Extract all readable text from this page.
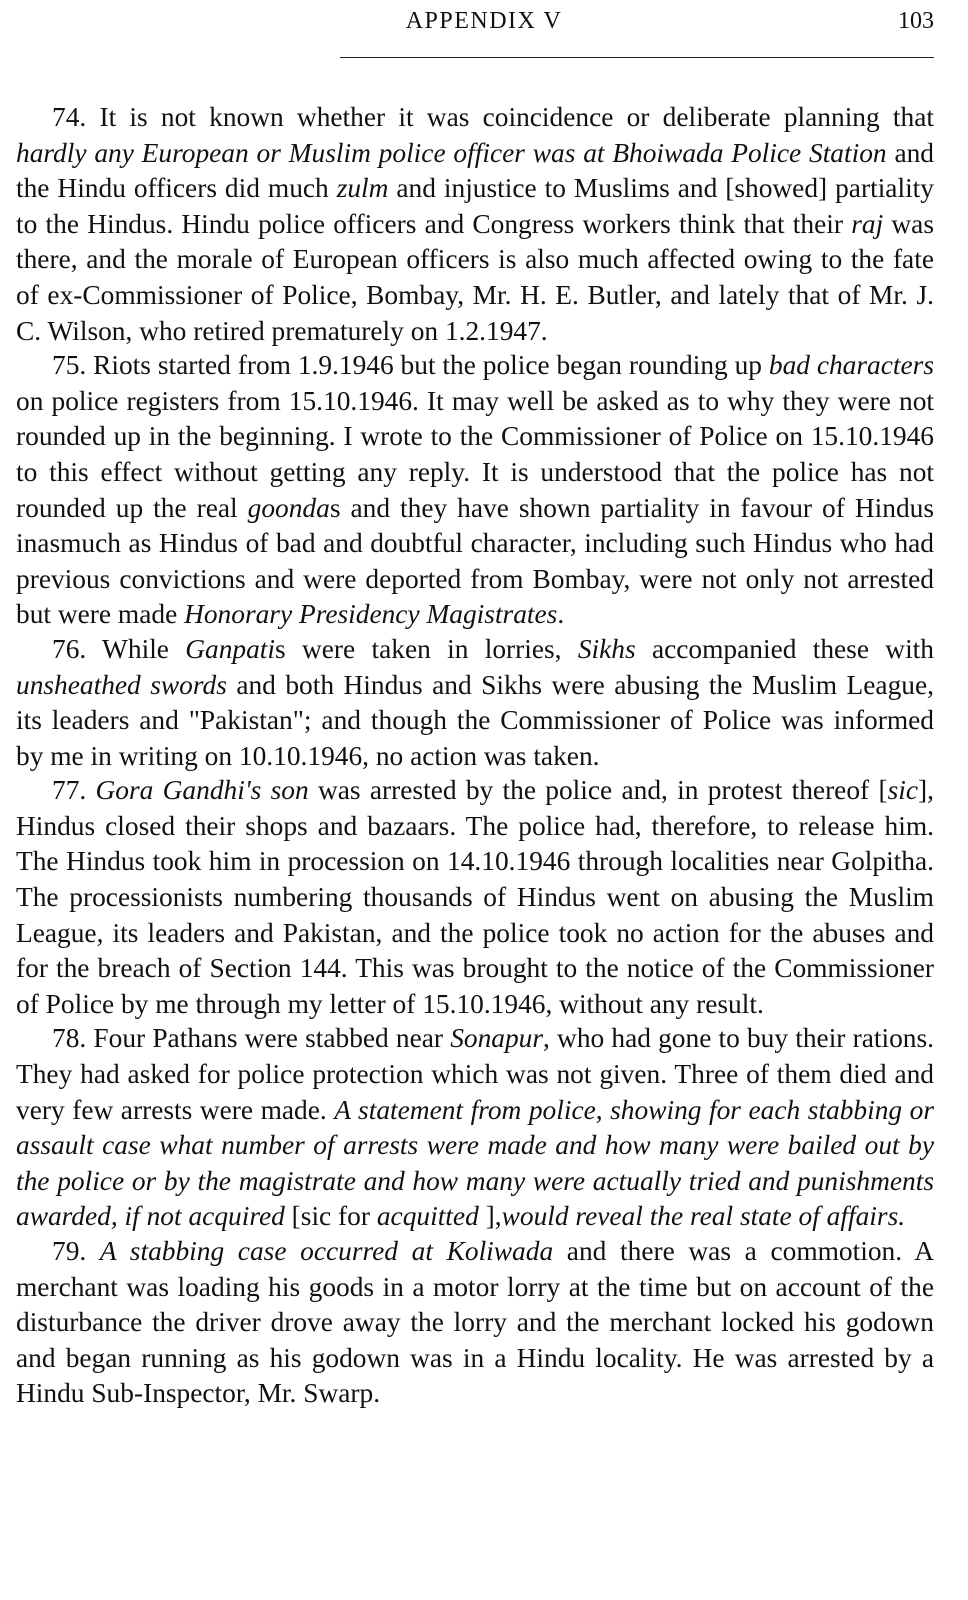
APPENDIX V	103

74. It is not known whether it was coincidence or deliberate planning that hardly any European or Muslim police officer was at Bhoiwada Police Station and the Hindu officers did much zulm and injustice to Muslims and [showed] partiality to the Hindus. Hindu police officers and Congress workers think that their raj was there, and the morale of European officers is also much affected owing to the fate of ex-Commissioner of Police, Bombay, Mr. H. E. Butler, and lately that of Mr. J. C. Wilson, who retired prematurely on 1.2.1947.

75. Riots started from 1.9.1946 but the police began rounding up bad characters on police registers from 15.10.1946. It may well be asked as to why they were not rounded up in the beginning. I wrote to the Commissioner of Police on 15.10.1946 to this effect without getting any reply. It is understood that the police has not rounded up the real goondas and they have shown partiality in favour of Hindus inasmuch as Hindus of bad and doubtful character, including such Hindus who had previous convictions and were deported from Bombay, were not only not arrested but were made Honorary Presidency Magistrates.

76. While Ganpatis were taken in lorries, Sikhs accompanied these with unsheathed swords and both Hindus and Sikhs were abusing the Muslim League, its leaders and "Pakistan"; and though the Commissioner of Police was informed by me in writing on 10.10.1946, no action was taken.

77. Gora Gandhi's son was arrested by the police and, in protest thereof [sic], Hindus closed their shops and bazaars. The police had, therefore, to release him. The Hindus took him in procession on 14.10.1946 through localities near Golpitha. The processionists numbering thousands of Hindus went on abusing the Muslim League, its leaders and Pakistan, and the police took no action for the abuses and for the breach of Section 144. This was brought to the notice of the Commissioner of Police by me through my letter of 15.10.1946, without any result.

78. Four Pathans were stabbed near Sonapur, who had gone to buy their rations. They had asked for police protection which was not given. Three of them died and very few arrests were made. A statement from police, showing for each stabbing or assault case what number of arrests were made and how many were bailed out by the police or by the magistrate and how many were actually tried and punishments awarded, if not acquired [sic for acquitted ],would reveal the real state of affairs.

79. A stabbing case occurred at Koliwada and there was a commotion. A merchant was loading his goods in a motor lorry at the time but on account of the disturbance the driver drove away the lorry and the merchant locked his godown and began running as his godown was in a Hindu locality. He was arrested by a Hindu Sub-Inspector, Mr. Swarp.
